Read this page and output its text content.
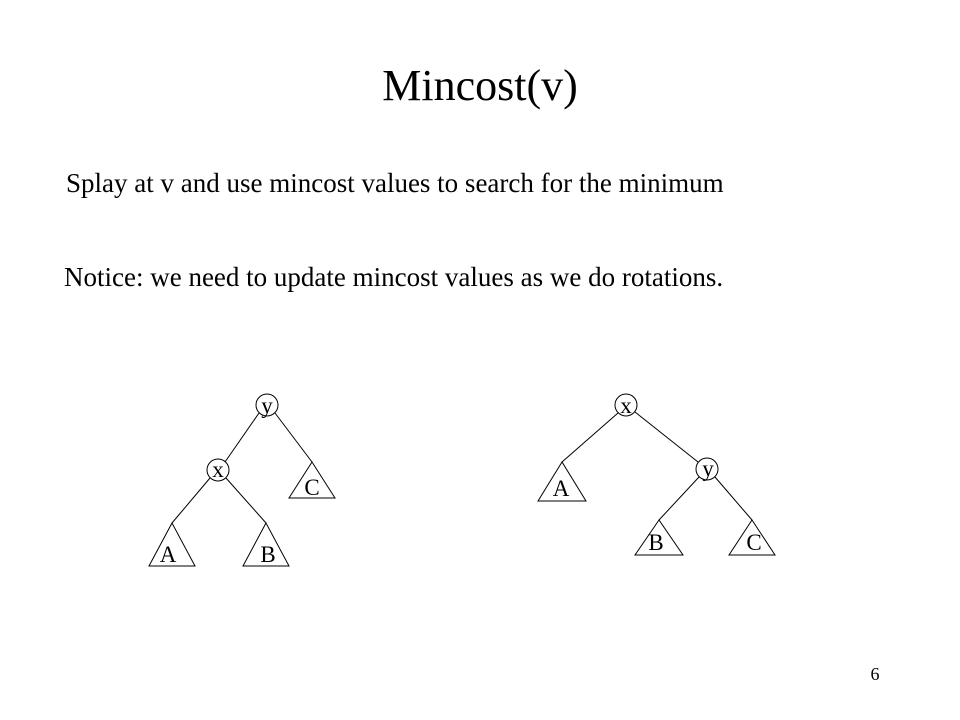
Mincost(v)
Splay at v and use mincost values to search for the minimum
Notice: we need to update mincost values as we do rotations.
y
x
C
A	B
x
y
A
B	C
6
